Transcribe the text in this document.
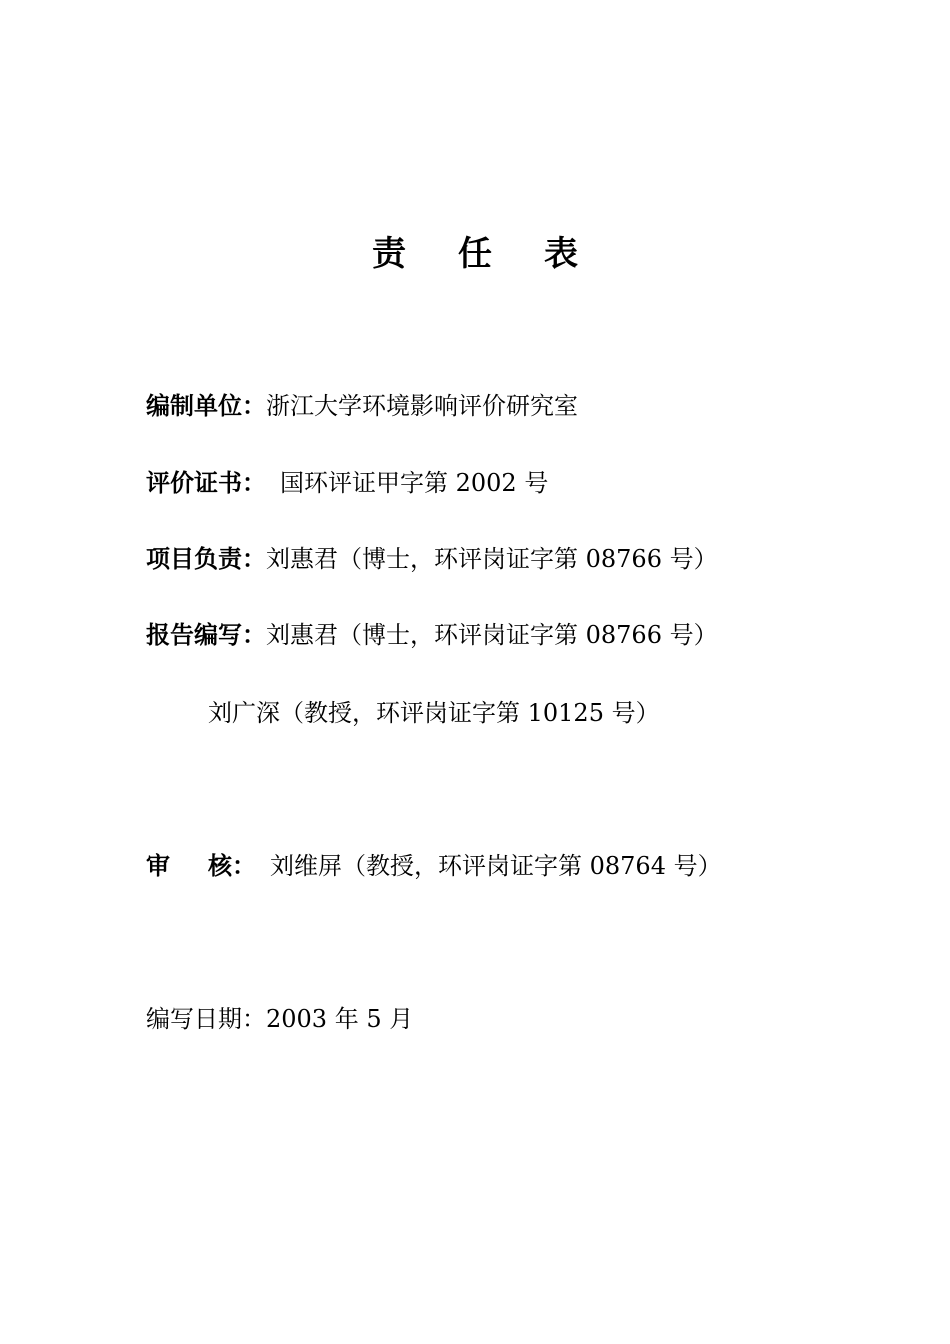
责 任 表
编制单位：浙江大学环境影响评价研究室
评价证书： 国环评证甲字第 2002 号
项目负责：刘惠君（博士，环评岗证字第 08766 号）
报告编写：刘惠君（博士，环评岗证字第 08766 号）
刘广深（教授，环评岗证字第 10125 号）
审 核： 刘维屏（教授，环评岗证字第 08764 号）
编写日期：2003 年 5 月
